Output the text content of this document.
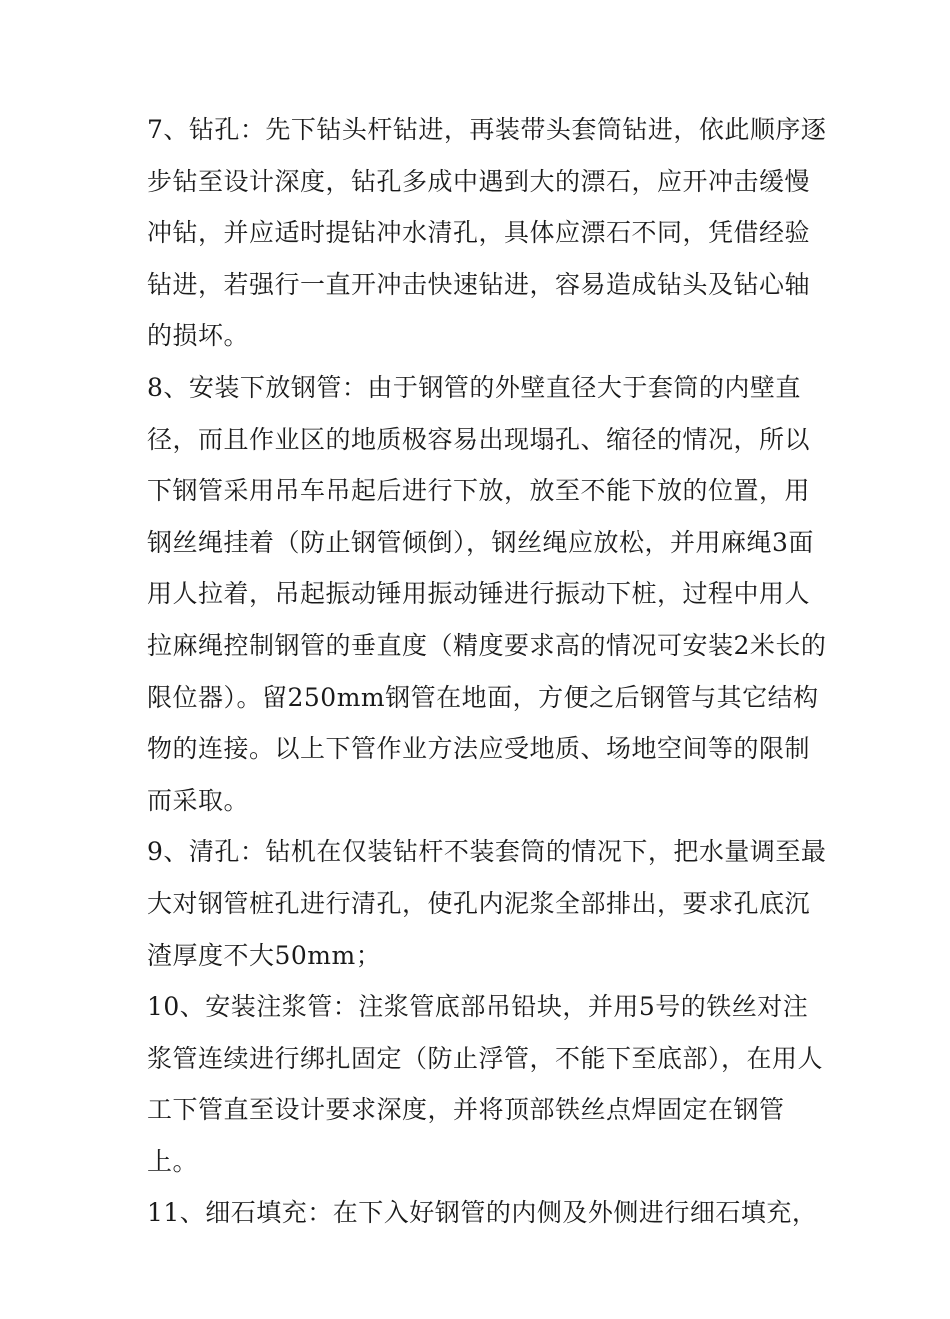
7、钻孔：先下钻头杆钻进，再装带头套筒钻进，依此顺序逐步钻至设计深度，钻孔多成中遇到大的漂石，应开冲击缓慢冲钻，并应适时提钻冲水清孔，具体应漂石不同，凭借经验钻进，若强行一直开冲击快速钻进，容易造成钻头及钻心轴的损坏。

8、安装下放钢管：由于钢管的外壁直径大于套筒的内壁直径，而且作业区的地质极容易出现塌孔、缩径的情况，所以下钢管采用吊车吊起后进行下放，放至不能下放的位置，用钢丝绳挂着（防止钢管倾倒），钢丝绳应放松，并用麻绳3面用人拉着，吊起振动锤用振动锤进行振动下桩，过程中用人拉麻绳控制钢管的垂直度（精度要求高的情况可安装2米长的限位器）。留250mm钢管在地面，方便之后钢管与其它结构物的连接。以上下管作业方法应受地质、场地空间等的限制而采取。

9、清孔：钻机在仅装钻杆不装套筒的情况下，把水量调至最大对钢管桩孔进行清孔，使孔内泥浆全部排出，要求孔底沉渣厚度不大50mm；

10、安装注浆管：注浆管底部吊铅块，并用5号的铁丝对注浆管连续进行绑扎固定（防止浮管，不能下至底部），在用人工下管直至设计要求深度，并将顶部铁丝点焊固定在钢管上。

11、细石填充：在下入好钢管的内侧及外侧进行细石填充，
